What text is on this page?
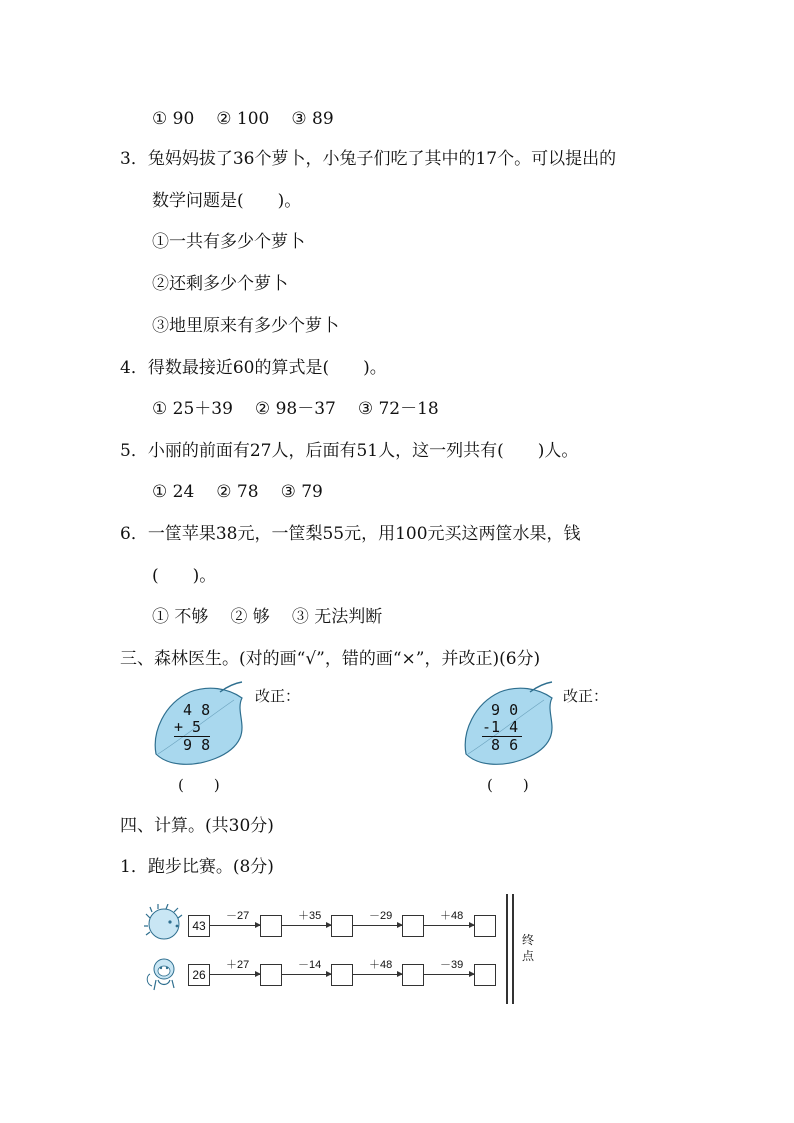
① 90 ② 100 ③ 89
3．兔妈妈拔了36个萝卜，小兔子们吃了其中的17个。可以提出的
数学问题是(　　)。
①一共有多少个萝卜
②还剩多少个萝卜
③地里原来有多少个萝卜
4．得数最接近60的算式是(　　)。
① 25＋39 ② 98－37 ③ 72－18
5．小丽的前面有27人，后面有51人，这一列共有(　　)人。
① 24 ② 78 ③ 79
6．一筐苹果38元，一筐梨55元，用100元买这两筐水果，钱
(　　)。
① 不够 ② 够 ③ 无法判断
三、森林医生。(对的画“√”，错的画“×”，并改正)(6分)
4 8
+ 5
9 8
改正：
(　　)
9 0
-1 4
8 6
改正：
(　　)
四、计算。(共30分)
1．跑步比赛。(8分)
43
－27	＋35	－29	＋48
26
＋27	－14	＋48	－39
终点
